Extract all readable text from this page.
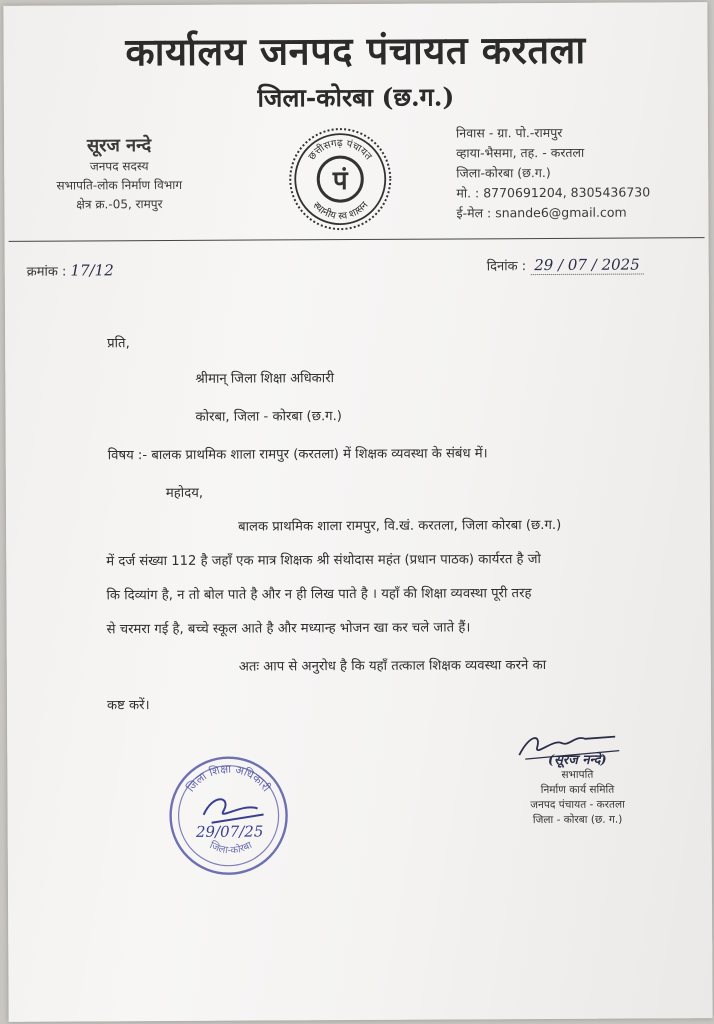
कार्यालय जनपद पंचायत करतला
जिला-कोरबा (छ.ग.)
सूरज नन्दे
जनपद सदस्य
सभापति-लोक निर्माण विभाग
क्षेत्र क्र.-05, रामपुर
छत्तीसगढ़ पंचायत
स्थानीय स्व शासन
पं
निवास - ग्रा. पो.-रामपुर
व्हाया-भैसमा, तह. - करतला
जिला-कोरबा (छ.ग.)
मो. : 8770691204, 8305436730
ई-मेल : snande6@gmail.com
क्रमांक : 17/12	दिनांक : 29 / 07 / 2025
प्रति,
श्रीमान् जिला शिक्षा अधिकारी
कोरबा, जिला - कोरबा (छ.ग.)
विषय :- बालक प्राथमिक शाला रामपुर (करतला) में शिक्षक व्यवस्था के संबंध में।
महोदय,
बालक प्राथमिक शाला रामपुर, वि.खं. करतला, जिला कोरबा (छ.ग.)
में दर्ज संख्या 112 है जहाँ एक मात्र शिक्षक श्री संथोदास महंत (प्रधान पाठक) कार्यरत है जो
कि दिव्यांग है, न तो बोल पाते है और न ही लिख पाते है । यहाँ की शिक्षा व्यवस्था पूरी तरह
से चरमरा गई है, बच्चे स्कूल आते है और मध्यान्ह भोजन खा कर चले जाते हैं।
अतः आप से अनुरोध है कि यहाँ तत्काल शिक्षक व्यवस्था करने का
कष्ट करें।
जिला शिक्षा अधिकारी
जिला-कोरबा
29/07/25
(सूरज नन्दे)
सभापति
निर्माण कार्य समिति
जनपद पंचायत - करतला
जिला - कोरबा (छ. ग.)
